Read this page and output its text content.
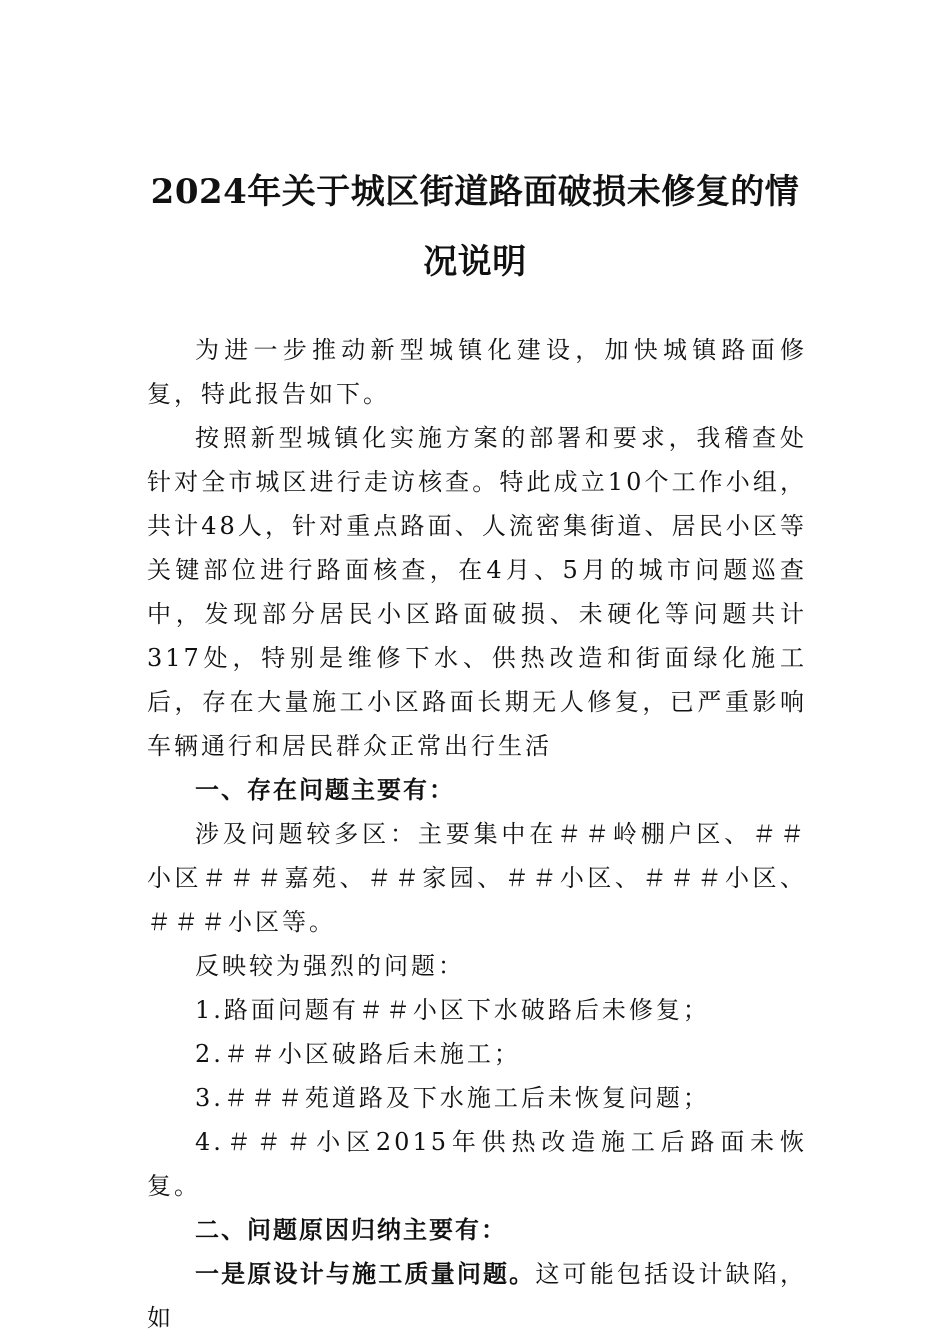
2024年关于城区街道路面破损未修复的情况说明

为进一步推动新型城镇化建设，加快城镇路面修复，特此报告如下。

按照新型城镇化实施方案的部署和要求，我稽查处针对全市城区进行走访核查。特此成立10个工作小组，共计48人，针对重点路面、人流密集街道、居民小区等关键部位进行路面核查，在4月、5月的城市问题巡查中，发现部分居民小区路面破损、未硬化等问题共计317处，特别是维修下水、供热改造和街面绿化施工后，存在大量施工小区路面长期无人修复，已严重影响车辆通行和居民群众正常出行生活

一、存在问题主要有：

涉及问题较多区：主要集中在＃＃岭棚户区、＃＃小区＃＃＃嘉苑、＃＃家园、＃＃小区、＃＃＃小区、＃＃＃小区等。

反映较为强烈的问题：

1.路面问题有＃＃小区下水破路后未修复；

2.＃＃小区破路后未施工；

3.＃＃＃苑道路及下水施工后未恢复问题；

4.＃＃＃小区2015年供热改造施工后路面未恢复。

二、问题原因归纳主要有：

一是原设计与施工质量问题。这可能包括设计缺陷，如
